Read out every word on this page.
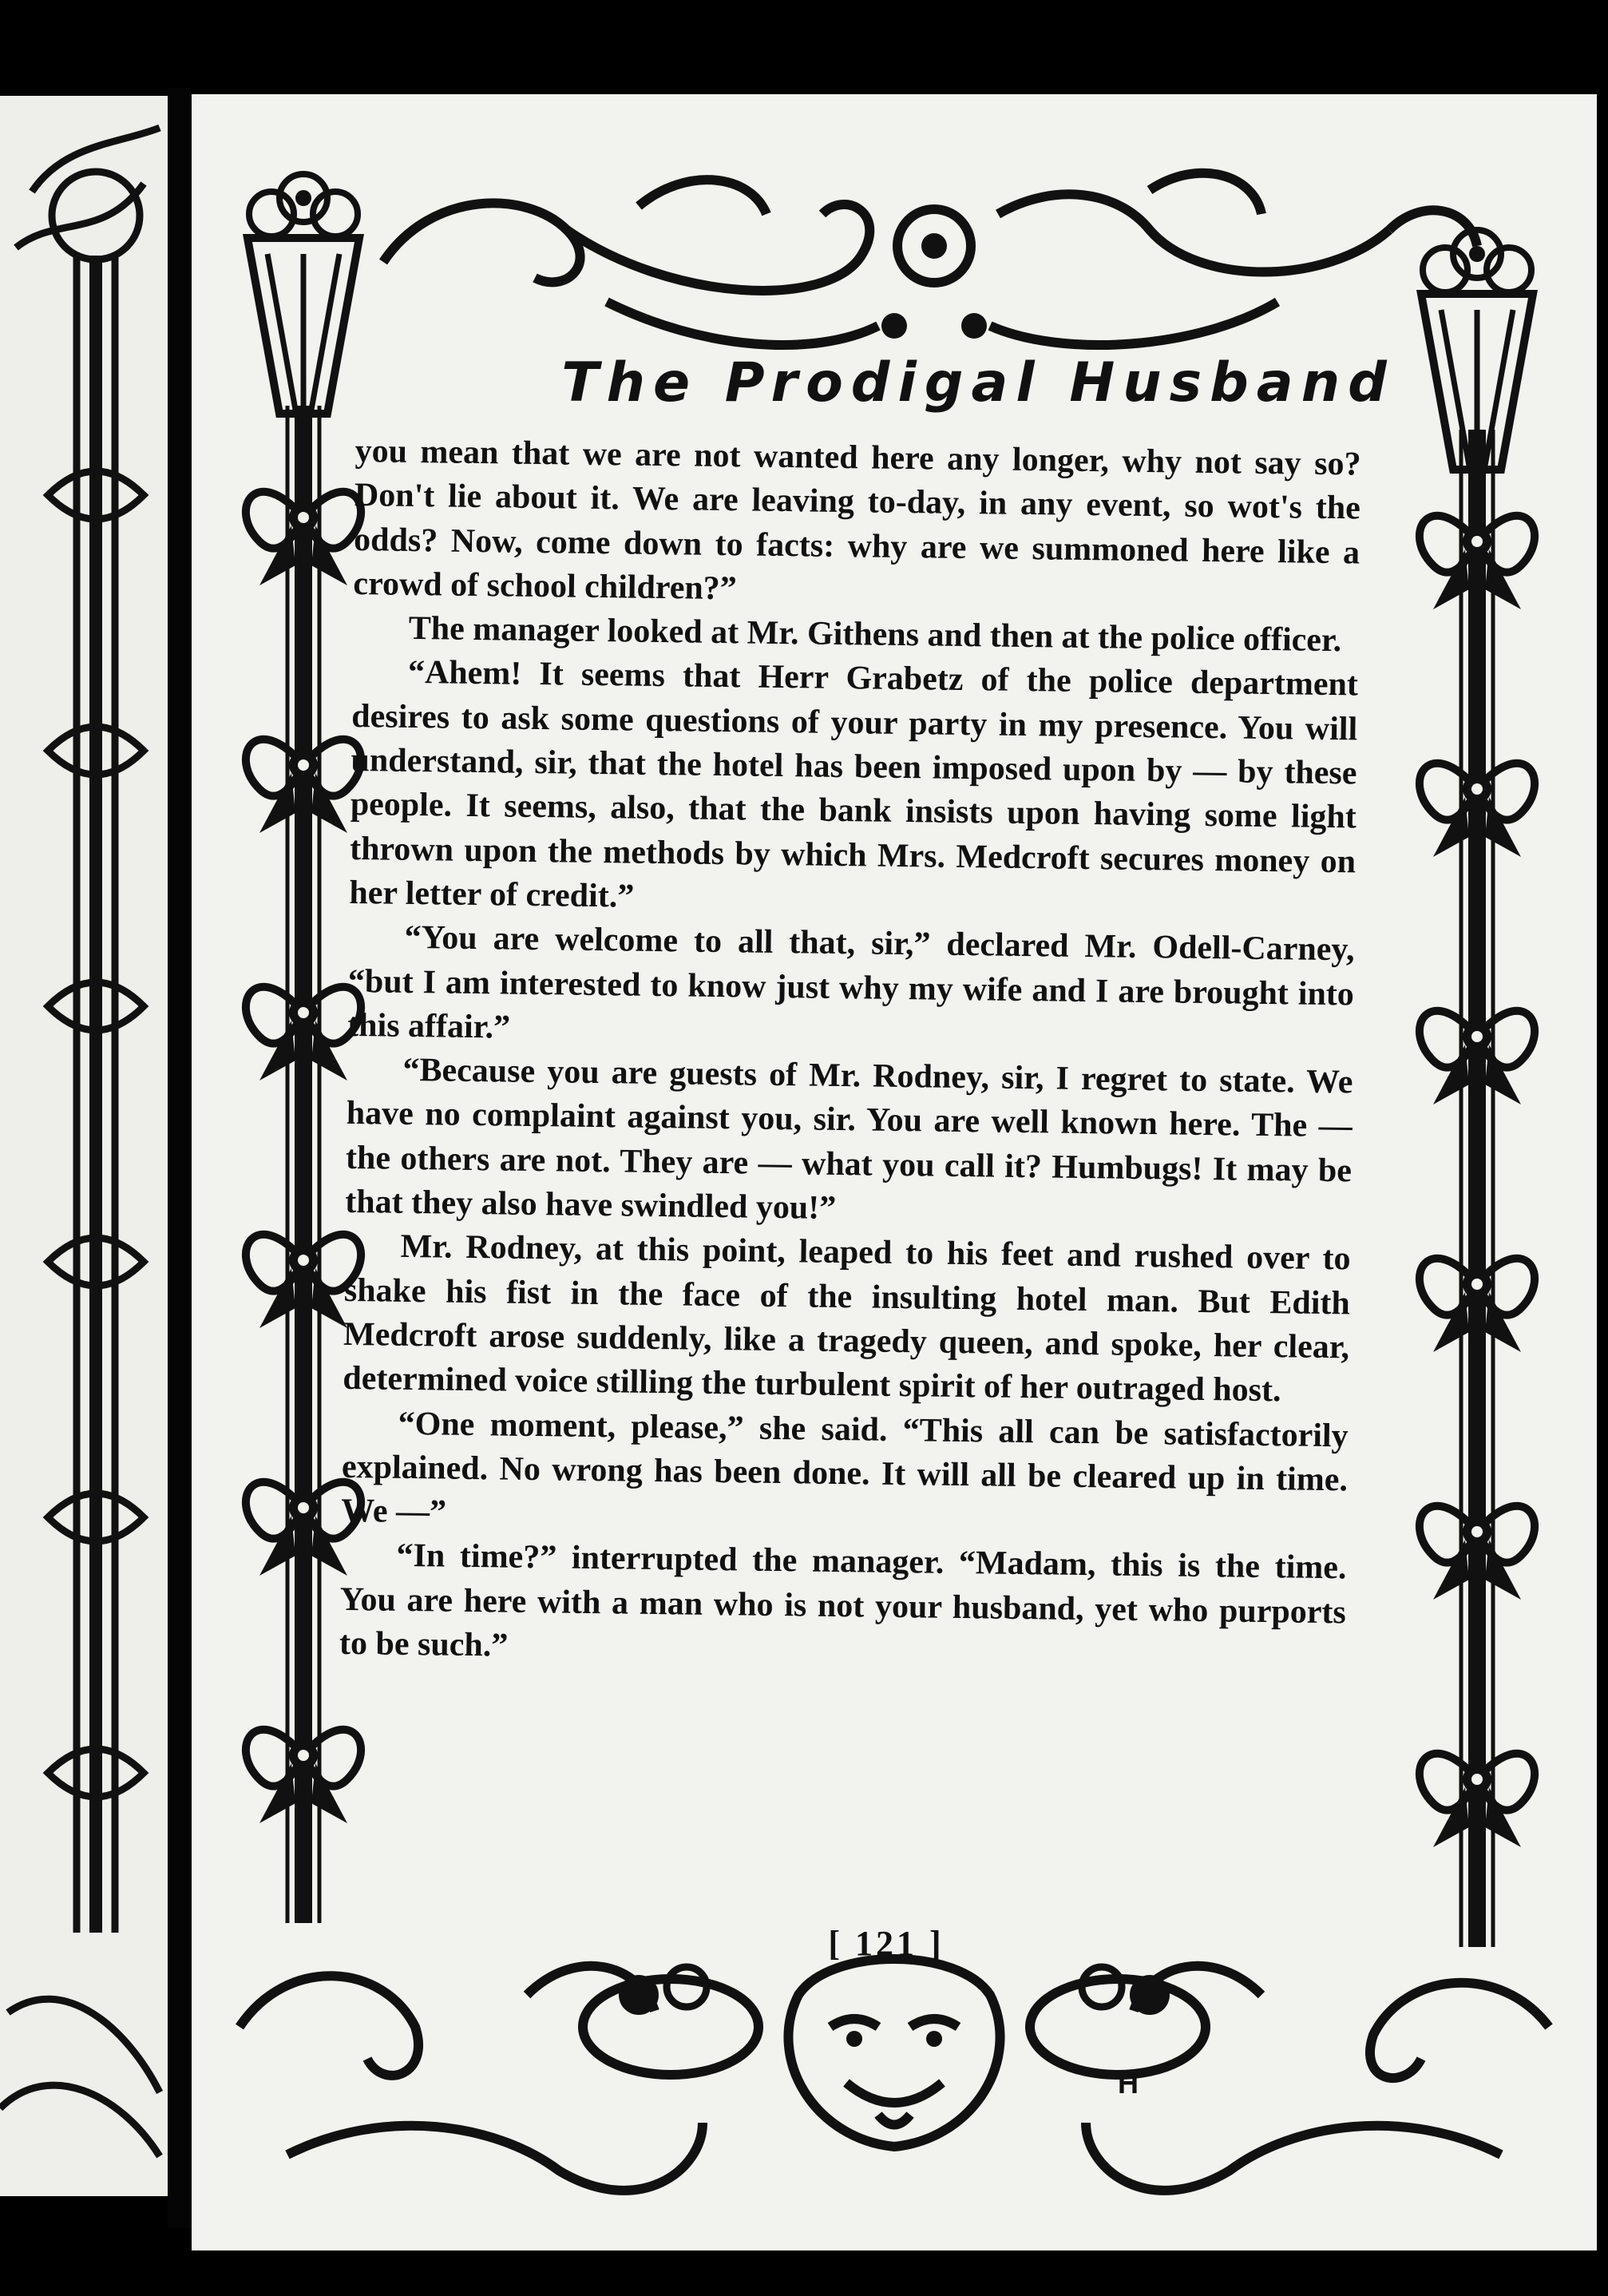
The Prodigal Husband

you mean that we are not wanted here any longer, why not say so? Don't lie about it. We are leaving to-day, in any event, so wot's the odds? Now, come down to facts: why are we summoned here like a crowd of school children?”

The manager looked at Mr. Githens and then at the police officer.

“Ahem! It seems that Herr Grabetz of the police department desires to ask some questions of your party in my presence. You will understand, sir, that the hotel has been imposed upon by — by these people. It seems, also, that the bank insists upon having some light thrown upon the methods by which Mrs. Medcroft secures money on her letter of credit.”

“You are welcome to all that, sir,” declared Mr. Odell-Carney, “but I am interested to know just why my wife and I are brought into this affair.”

“Because you are guests of Mr. Rodney, sir, I regret to state. We have no complaint against you, sir. You are well known here. The — the others are not. They are — what you call it? Humbugs! It may be that they also have swindled you!”

Mr. Rodney, at this point, leaped to his feet and rushed over to shake his fist in the face of the insulting hotel man. But Edith Medcroft arose suddenly, like a tragedy queen, and spoke, her clear, determined voice stilling the turbulent spirit of her outraged host.

“One moment, please,” she said. “This all can be satisfactorily explained. No wrong has been done. It will all be cleared up in time. We —”

“In time?” interrupted the manager. “Madam, this is the time. You are here with a man who is not your husband, yet who purports to be such.”

[ 121 ]
H
